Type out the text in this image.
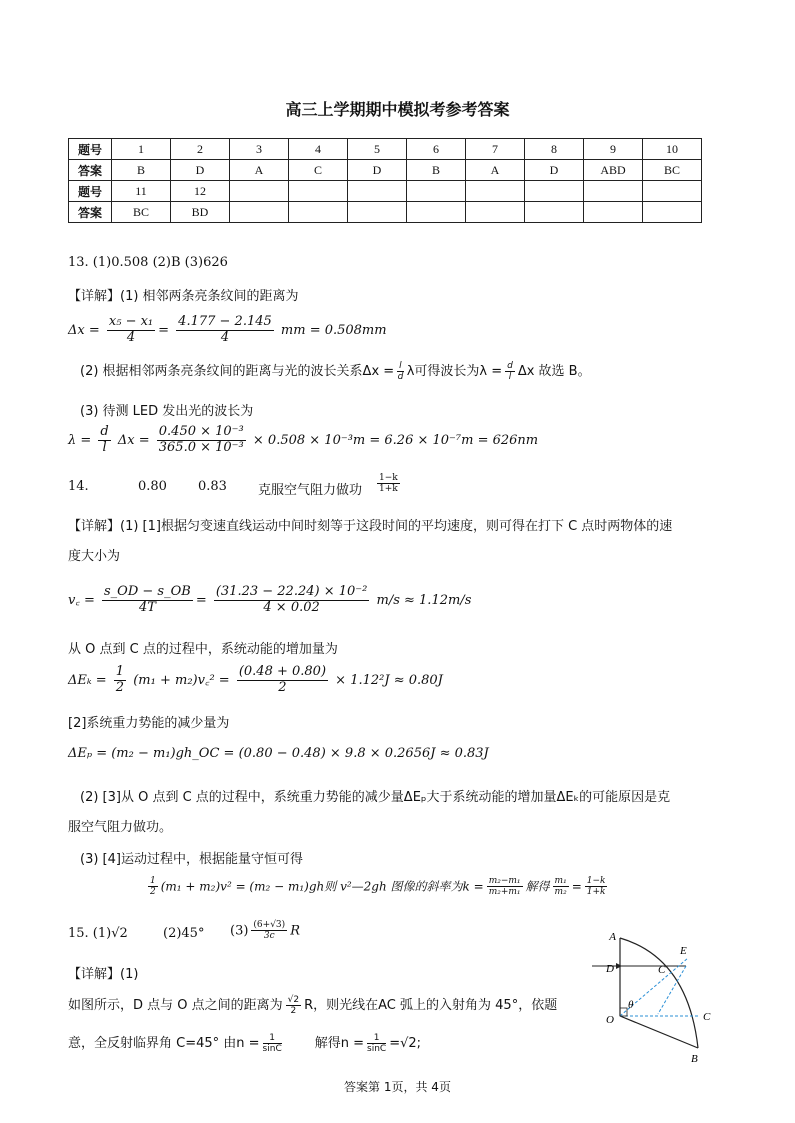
高三上学期期中模拟考参考答案
题号	1	2	3	4	5	6	7	8	9	10
答案	B	D	A	C	D	B	A	D	ABD	BC
题号	11	12								
答案	BC	BD								
13. (1)0.508 (2)B (3)626
【详解】(1) 相邻两条亮条纹间的距离为
$\Delta x = \frac{\text{x₅ − x₁}}{4} = \frac{4.177 - 2.145}{4}$ mm = 0.508mm
(2) 根据相邻两条亮条纹间的距离与光的波长关系$\Delta x = \frac{l}{d}$ λ可得波长为$\lambda = \frac{d}{l}$ Δx 故选 B。
(3) 待测 LED 发出光的波长为
$\lambda = \frac{d}{l}$ $\Delta x = \frac{\text{0.450 × 10⁻³}}{\text{365.0 × 10⁻³}} \times 0.508 \times 10^{-3}m = 6.26 \times 10^{-7}m = 626nm$
14.	0.80 0.83 克服空气阻力做功 $\frac{1-k}{1+k}$
【详解】(1) [1]根据匀变速直线运动中间时刻等于这段时间的平均速度，则可得在打下 C 点时两物体的速
度大小为
v꜀ = $\frac{s\_OD - s\_OB}{4T} = \frac{\text{(31.23 − 22.24) × 10⁻²}}{4 \times 0.02} m/s \approx 1.12m/s$
从 O 点到 C 点的过程中，系统动能的增加量为
$\Delta E_k = \frac{1}{2} (m_1$ + m₂)v꜀² = $\frac{(0.48 + 0.80)}{2} \times 1.12^2J \approx 0.80J$
[2]系统重力势能的减少量为
ΔEₚ = (m₂ − m₁)gh_OC = (0.80 − 0.48) × 9.8 × 0.2656J ≈ 0.83J
(2) [3]从 O 点到 C 点的过程中，系统重力势能的减少量ΔEₚ大于系统动能的增加量ΔEₖ的可能原因是克
服空气阻力做功。
(3) [4]运动过程中，根据能量守恒可得
$\frac{1}{2} (m_1 + m_2)v^2 = (m_2 - m_1)gh$则 v²—2gh 图像的斜率为$k = \frac{\text{m₂−m₁}}{\text{m₂+m₁}}$ 解得 $\frac{\text{m₁}}{\text{m₂}} = \frac{1-k}{1+k}$
15. (1)√2	(2)45° $(3) \frac{(6+√3)}{3c}$ R
【详解】(1)
如图所示，D 点与 O 点之间的距离为 $\frac{√2}{2}$ R，则光线在AC 弧上的入射角为 45°，依题
意，全反射临界角 C=45° 由$n = \frac{1}{\sin C}$	解得$n = \frac{1}{\sin C} =√2$;
A
D	C
E
θ
O	C
B
答案第 1页，共 4页
